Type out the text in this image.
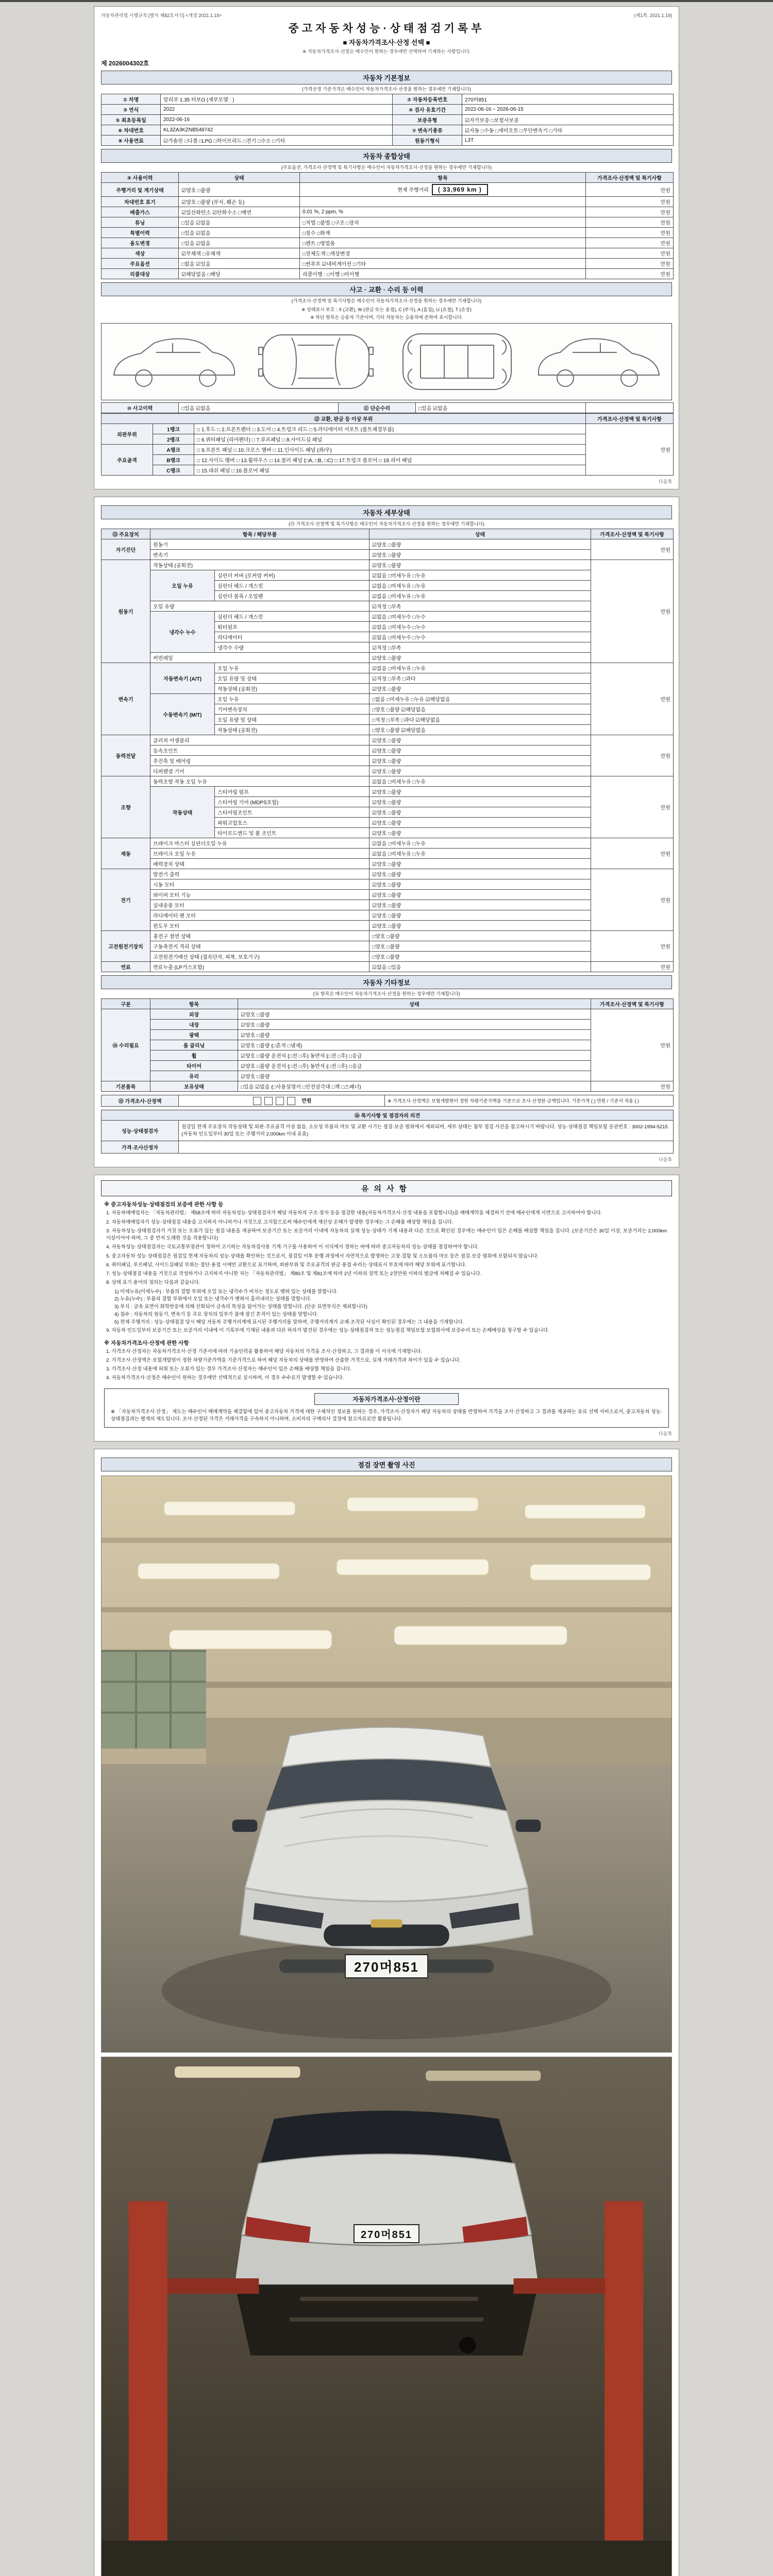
자동차관리법 시행규칙 [별지 제82호서식] <개정 2021.1.19>	(제1쪽, 2021.1.19)
중고자동차성능·상태점검기록부
■ 자동차가격조사·산정 선택 ■
※ 자동차가격조사·산정은 매수인이 원하는 경우에만 선택하여 기재하는 사항입니다.
제 2026004302호
자동차 기본정보
(가격산정 기준가격은 매수인이 자동차가격조사·산정을 원하는 경우에만 기재합니다)
① 차명	말리부 1.35 터보O (세부모델 : )	② 자동차등록번호	270머851
③ 연식	2022	④ 검사 유효기간	2022-06-16 ~ 2026-06-15
⑤ 최초등록일	2022-06-16	보증유형	☑자가보증 □보험사보증
⑥ 차대번호	KL3ZA3KZNB548742	⑦ 변속기종류	☑자동 □수동 □세미오토 □무단변속기 □기타
⑧ 사용연료	☑가솔린 □디젤 □LPG □하이브리드 □전기 □수소 □기타	원동기형식	L3T
자동차 종합상태
(주요옵션, 가격조사·산정액 및 특기사항은 매수인이 자동차가격조사·산정을 원하는 경우에만 기재합니다)
⑨ 사용이력	상태	항목	가격조사·산정액 및 특기사항
주행거리 및 계기상태	☑양호 □불량	현재 주행거리 ( 33,969 km )	만원
차대번호 표기	☑양호 □불량 (부식, 훼손 등)		만원
배출가스	☑일산화탄소 ☑탄화수소 □매연	0.01 %, 2 ppm, %	만원
튜닝	□있음 ☑없음	□적법 □불법 □구조 □장치	만원
특별이력	□있음 ☑없음	□침수 □화재	만원
용도변경	□있음 ☑없음	□렌트 □영업용	만원
색상	☑무채색 □유채색	□전체도색 □색상변경	만원
주요옵션	□없음 ☑있음	□썬루프 ☑네비게이션 □기타	만원
리콜대상	☑해당없음 □해당	리콜이행 : □이행 □미이행	만원
사고 · 교환 · 수리 등 이력
(가격조사·산정액 및 특기사항은 매수인이 자동차가격조사·산정을 원하는 경우에만 기재합니다)
※ 상태표시 부호 : X (교환), W (판금 또는 용접), C (부식), A (흠집), U (요철), T (손상)
※ 하단 항목은 승용차 기준이며, 기타 자동차는 승용차에 준하여 표시합니다.
⑩ 사고이력	□있음 ☑없음	⑪ 단순수리	□있음 ☑없음	
⑫ 교환, 판금 등 이상 부위			가격조사·산정액 및 특기사항
외판부위	1랭크	□ 1.후드 □ 2.프론트펜더 □ 3.도어 □ 4.트렁크 리드 □ 5.라디에이터 서포트 (볼트체결부품)	만원
	2랭크	□ 6.쿼터패널 (리어펜더) □ 7.루프패널 □ 8.사이드실 패널	
주요골격	A랭크	□ 9.프론트 패널 □ 10.크로스 멤버 □ 11.인사이드 패널 (좌/우)	
	B랭크	□ 12.사이드 멤버 □ 13.휠하우스 □ 14.필러 패널 (□A, □B, □C) □ 17.트렁크 플로어 □ 18.리어 패널	
	C랭크	□ 15.대쉬 패널 □ 16.플로어 패널	
다음쪽
자동차 세부상태
(⑬ 가격조사·산정액 및 특기사항은 매수인이 자동차가격조사·산정을 원하는 경우에만 기재합니다)
⑬ 주요장치	항목 / 해당부품		상태	가격조사·산정액 및 특기사항
자기진단	원동기		☑양호 □불량	만원
	변속기		☑양호 □불량	
원동기	작동상태 (공회전)		☑양호 □불량	만원
	오일 누유	실린더 커버 (로커암 커버)	☑없음 □미세누유 □누유	
		실린더 헤드 / 개스킷	☑없음 □미세누유 □누유	
		실린더 블록 / 오일팬	☑없음 □미세누유 □누유	
	오일 유량		☑적정 □부족	
	냉각수 누수	실린더 헤드 / 개스킷	☑없음 □미세누수 □누수	
		워터펌프	☑없음 □미세누수 □누수	
		라디에이터	☑없음 □미세누수 □누수	
		냉각수 수량	☑적정 □부족	
	커먼레일		☑양호 □불량	
변속기	자동변속기 (A/T)	오일 누유	☑없음 □미세누유 □누유	만원
		오일 유량 및 상태	☑적정 □부족 □과다	
		작동상태 (공회전)	☑양호 □불량	
	수동변속기 (M/T)	오일 누유	□없음 □미세누유 □누유 ☑해당없음	
		기어변속장치	□양호 □불량 ☑해당없음	
		오일 유량 및 상태	□적정 □부족 □과다 ☑해당없음	
		작동상태 (공회전)	□양호 □불량 ☑해당없음	
동력전달	클러치 어셈블리		☑양호 □불량	만원
	등속조인트		☑양호 □불량	
	추진축 및 베어링		☑양호 □불량	
	디퍼렌셜 기어		☑양호 □불량	
조향	동력조향 작동 오일 누유		☑없음 □미세누유 □누유	만원
	작동상태	스티어링 펌프	☑양호 □불량	
		스티어링 기어 (MDPS포함)	☑양호 □불량	
		스티어링조인트	☑양호 □불량	
		파워고압호스	☑양호 □불량	
		타이로드엔드 및 볼 조인트	☑양호 □불량	
제동	브레이크 마스터 실린더오일 누유		☑없음 □미세누유 □누유	만원
	브레이크 오일 누유		☑없음 □미세누유 □누유	
	배력장치 상태		☑양호 □불량	
전기	발전기 출력		☑양호 □불량	만원
	시동 모터		☑양호 □불량	
	와이퍼 모터 기능		☑양호 □불량	
	실내송풍 모터		☑양호 □불량	
	라디에이터 팬 모터		☑양호 □불량	
	윈도우 모터		☑양호 □불량	
고전원전기장치	충전구 절연 상태		□양호 □불량	만원
	구동축전지 격리 상태		□양호 □불량	
	고전원전기배선 상태 (접속단자, 피복, 보호기구)		□양호 □불량	
연료	연료누출 (LP가스포함)		☑없음 □있음	만원
자동차 기타정보
(⑭ 항목은 매수인이 자동차가격조사·산정을 원하는 경우에만 기재합니다)
구분	항목	상태	가격조사·산정액 및 특기사항
⑭ 수리필요	외장	☑양호 □불량	만원
	내장	☑양호 □불량	
	광택	☑양호 □불량	
	룸 클리닝	☑양호 □불량 (□흔적 □냄새)	
	휠	☑양호 □불량 운전석 (□전 □후) 동반석 (□전 □후) □응급	
	타이어	☑양호 □불량 운전석 (□전 □후) 동반석 (□전 □후) □응급	
	유리	☑양호 □불량	
기본품목	보유상태	□있음 ☑없음 (□사용설명서 □안전삼각대 □잭 □스패너)	만원
⑮ 가격조사·산정액	만원	※ 가격조사·산정액은 보험개발원이 정한 차량기준가액을 기준으로 조사·산정한 금액입니다. 기준가격 ( ) 만원 / 기준서 적용 ( )
⑯ 특기사항 및 점검자의 의견	
성능·상태점검자	점검일 현재 주요장치 작동상태 및 외판·주요골격 이상 없음. 소모성 부품의 마모 및 교환 시기는 점검·보증 범위에서 제외되며, 세부 상태는 첨부 점검 사진을 참고하시기 바랍니다. 성능·상태점검 책임보험 증권번호 : 3002-1994-5215 (자동차 인도일부터 30일 또는 주행거리 2,000km 이내 유효)
가격·조사산정자	
다음쪽
유의사항
※ 중고자동차성능·상태점검의 보증에 관한 사항 등
1. 자동차매매업자는 「자동차관리법」 제58조에 따라 자동차성능·상태점검자가 해당 자동차의 구조·장치 등을 점검한 내용(자동차가격조사·산정 내용을 포함합니다)을 매매계약을 체결하기 전에 매수인에게 서면으로 고지하여야 합니다.
2. 자동차매매업자가 성능·상태점검 내용을 고지하지 아니하거나 거짓으로 고지함으로써 매수인에게 재산상 손해가 발생한 경우에는 그 손해를 배상할 책임을 집니다.
3. 자동차성능·상태점검자가 거짓 또는 오류가 있는 점검 내용을 제공하여 보증기간 또는 보증거리 이내에 자동차의 실제 성능·상태가 기재 내용과 다른 것으로 확인된 경우에는 매수인이 입은 손해를 배상할 책임을 집니다. (보증기간은 30일 이상, 보증거리는 2,000km 이상이어야 하며, 그 중 먼저 도래한 것을 적용합니다)
4. 자동차성능·상태점검자는 국토교통부장관이 정하여 고시하는 자동차검사용 기계·기구를 사용하여 이 서식에서 정하는 바에 따라 중고자동차의 성능·상태를 점검하여야 합니다.
5. 중고자동차 성능·상태점검은 점검일 현재 자동차의 성능·상태를 확인하는 것으로서, 점검일 이후 운행 과정에서 자연적으로 발생하는 고장·결함 및 소모품의 마모 등은 점검·보증 범위에 포함되지 않습니다.
6. 쿼터패널, 루프패널, 사이드실패널 부위는 절단·용접 시에만 교환으로 표기하며, 외판부위 및 주요골격의 판금·용접 수리는 상태표시 부호에 따라 해당 부위에 표기합니다.
7. 성능·상태점검 내용을 거짓으로 작성하거나 고지하지 아니한 자는 「자동차관리법」 제80조 및 제81조에 따라 2년 이하의 징역 또는 2천만원 이하의 벌금에 처해질 수 있습니다.
8. 상태 표기 용어의 정의는 다음과 같습니다.
1) 미세누유(미세누수) : 부품의 결합 부위에 오일 또는 냉각수가 비치는 정도로 맺혀 있는 상태를 말합니다.
2) 누유(누수) : 부품의 결합 부위에서 오일 또는 냉각수가 맺혀서 흘러내리는 상태를 말합니다.
3) 부식 : 금속 표면이 화학반응에 의해 산화되어 금속의 특성을 잃어가는 상태를 말합니다. (단순 표면부식은 제외합니다)
4) 침수 : 자동차의 원동기, 변속기 등 주요 장치의 일부가 물에 잠긴 흔적이 있는 상태를 말합니다.
5) 현재 주행거리 : 성능·상태점검 당시 해당 자동차 주행거리계에 표시된 주행거리를 말하며, 주행거리계가 교체·조작된 사실이 확인된 경우에는 그 내용을 기재합니다.
9. 자동차 인도일부터 보증기간 또는 보증거리 이내에 이 기록부에 기재된 내용과 다른 하자가 발견된 경우에는 성능·상태점검자 또는 성능점검 책임보험 보험회사에 보증수리 또는 손해배상을 청구할 수 있습니다.
※ 자동차가격조사·산정에 관한 사항
1. 가격조사·산정자는 자동차가격조사·산정 기준서에 따라 기술인력을 활용하여 해당 자동차의 가격을 조사·산정하고, 그 결과를 이 서식에 기재합니다.
2. 가격조사·산정액은 보험개발원이 정한 차량기준가액을 기준가격으로 하여 해당 자동차의 상태를 반영하여 산출한 가격으로, 실제 거래가격과 차이가 있을 수 있습니다.
3. 가격조사·산정 내용에 허위 또는 오류가 있는 경우 가격조사·산정자는 매수인이 입은 손해를 배상할 책임을 집니다.
4. 자동차가격조사·산정은 매수인이 원하는 경우에만 선택적으로 실시하며, 이 경우 수수료가 발생할 수 있습니다.
자동차가격조사·산정이란
※ 「자동차가격조사·산정」 제도는 매수인이 매매계약을 체결함에 있어 중고자동차 가격에 대한 구체적인 정보를 원하는 경우, 가격조사·산정자가 해당 자동차의 상태를 반영하여 가격을 조사·산정하고 그 결과를 제공하는 유료 선택 서비스로서, 중고자동차 성능·상태점검과는 별개의 제도입니다. 조사·산정된 가격은 거래가격을 구속하지 아니하며, 소비자의 구매의사 결정에 참고자료로만 활용됩니다.
다음쪽
점검 장면 촬영 사진
270머851
270머851
